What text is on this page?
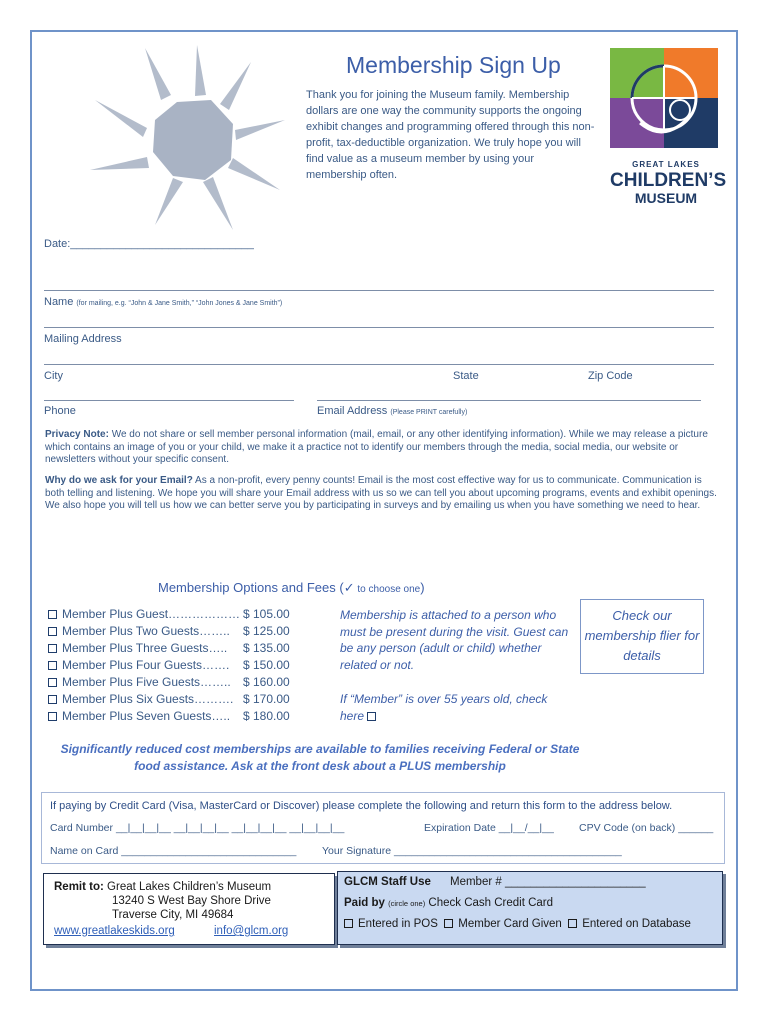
Membership Sign Up

Thank you for joining the Museum family. Membership dollars are one way the community supports the ongoing exhibit changes and programming offered through this non-profit, tax-deductible organization. We truly hope you will find value as a museum member by using your membership often.

GREAT LAKES
CHILDREN’S
MUSEUM
Date:______________________________
Name (for mailing, e.g. “John & Jane Smith,” “John Jones & Jane Smith”)
Mailing Address
City	State	Zip Code
Phone	Email Address (Please PRINT carefully)

Privacy Note: We do not share or sell member personal information (mail, email, or any other identifying information). While we may release a picture which contains an image of you or your child, we make it a practice not to identify our members through the media, social media, our website or newsletters without your specific consent.

Why do we ask for your Email? As a non-profit, every penny counts! Email is the most cost effective way for us to communicate. Communication is both telling and listening. We hope you will share your Email address with us so we can tell you about upcoming programs, events and exhibit openings. We also hope you will tell us how we can better serve you by participating in surveys and by emailing us when you have something we need to hear.

Membership Options and Fees (✓ to choose one)
Member Plus Guest……………… $ 105.00
Member Plus Two Guests…….. $ 125.00
Member Plus Three Guests….. $ 135.00
Member Plus Four Guests……. $ 150.00
Member Plus Five Guests…….. $ 160.00
Member Plus Six Guests………. $ 170.00
Member Plus Seven Guests….. $ 180.00

Membership is attached to a person who must be present during the visit. Guest can be any person (adult or child) whether related or not.

If “Member” is over 55 years old, check here

Check our membership flier for details

Significantly reduced cost memberships are available to families receiving Federal or State food assistance. Ask at the front desk about a PLUS membership

If paying by Credit Card (Visa, MasterCard or Discover) please complete the following and return this form to the address below.
Card Number __|__|__|__ __|__|__|__ __|__|__|__ __|__|__|__	Expiration Date __|__/__|__ CPV Code (on back) ______
Name on Card ______________________________ Your Signature _______________________________________
Remit to: Great Lakes Children’s Museum
13240 S West Bay Shore Drive
Traverse City, MI 49684
www.greatlakeskids.org	info@glcm.org
GLCM Staff Use Member # ______________________
Paid by (circle one) Check Cash Credit Card
Entered in POS Member Card Given Entered on Database
